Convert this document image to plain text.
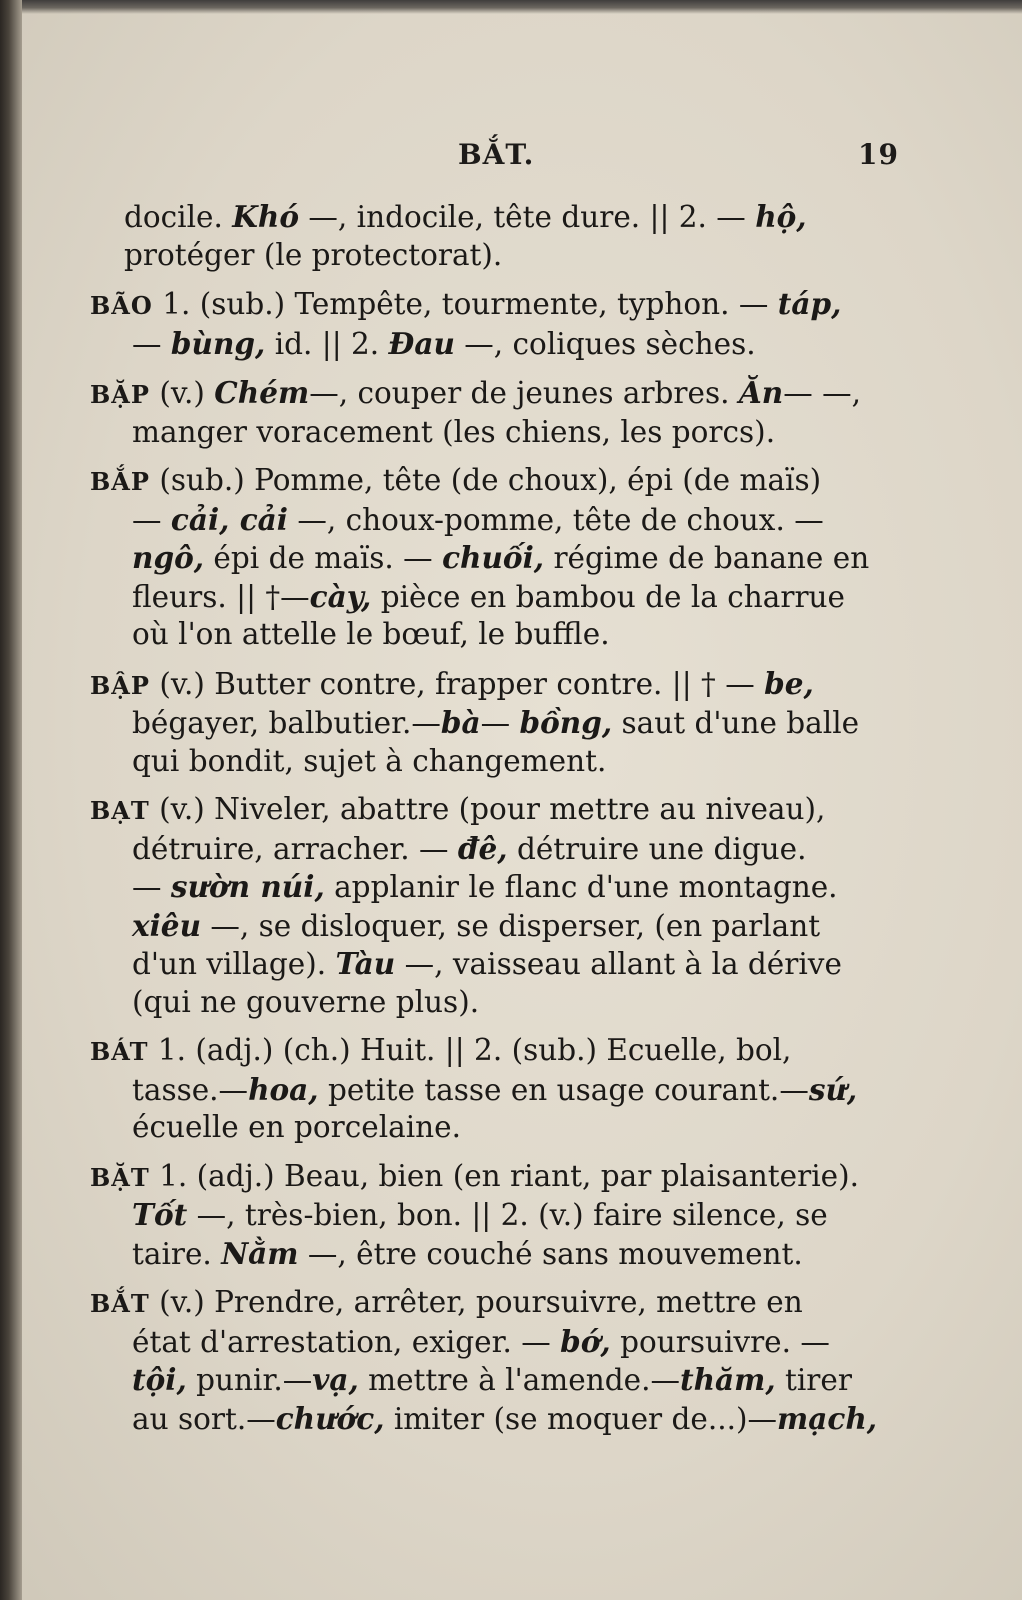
BẮT.	19
docile. Khó —, indocile, tête dure. || 2. — hộ,
protéger (le protectorat).
BÃO 1. (sub.) Tempête, tourmente, typhon. — táp,
— bùng, id. || 2. Đau —, coliques sèches.
BẶP (v.) Chém—, couper de jeunes arbres. Ăn— —,
manger voracement (les chiens, les porcs).
BẮP (sub.) Pomme, tête (de choux), épi (de maïs)
— cải, cải —, choux-pomme, tête de choux. —
ngô, épi de maïs. — chuối, régime de banane en
fleurs. || †—cày, pièce en bambou de la charrue
où l'on attelle le bœuf, le buffle.
BẬP (v.) Butter contre, frapper contre. || † — be,
bégayer, balbutier.—bà— bồng, saut d'une balle
qui bondit, sujet à changement.
BẠT (v.) Niveler, abattre (pour mettre au niveau),
détruire, arracher. — đê, détruire une digue.
— sườn núi, applanir le flanc d'une montagne.
xiêu —, se disloquer, se disperser, (en parlant
d'un village). Tàu —, vaisseau allant à la dérive
(qui ne gouverne plus).
BÁT 1. (adj.) (ch.) Huit. || 2. (sub.) Ecuelle, bol,
tasse.—hoa, petite tasse en usage courant.—sứ,
écuelle en porcelaine.
BẶT 1. (adj.) Beau, bien (en riant, par plaisanterie).
Tốt —, très-bien, bon. || 2. (v.) faire silence, se
taire. Nằm —, être couché sans mouvement.
BẮT (v.) Prendre, arrêter, poursuivre, mettre en
état d'arrestation, exiger. — bớ, poursuivre. —
tội, punir.—vạ, mettre à l'amende.—thăm, tirer
au sort.—chước, imiter (se moquer de...)—mạch,
